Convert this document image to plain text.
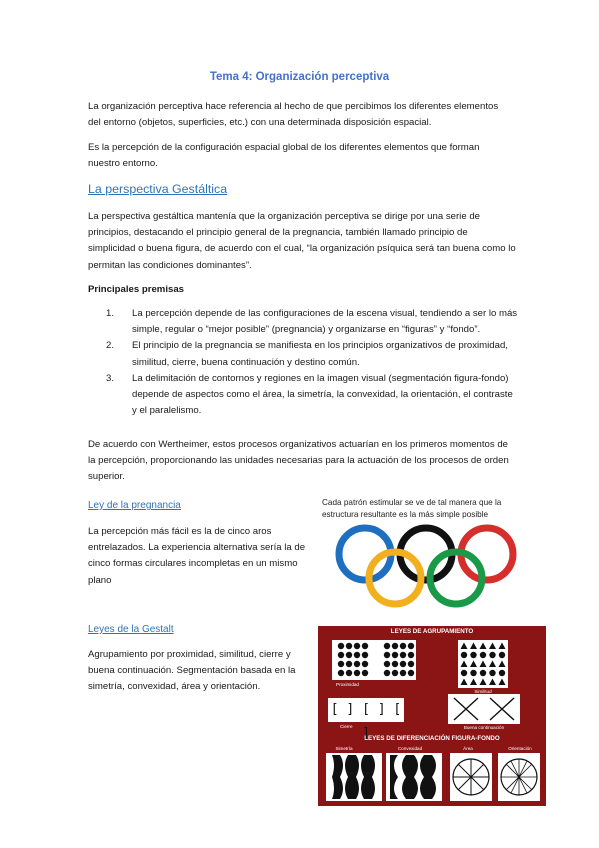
Tema 4: Organización perceptiva
La organización perceptiva hace referencia al hecho de que percibimos los diferentes elementos del entorno (objetos, superficies, etc.) con una determinada disposición espacial.
Es la percepción de la configuración espacial global de los diferentes elementos que forman nuestro entorno.
La perspectiva Gestáltica
La perspectiva gestáltica mantenía que la organización perceptiva se dirige por una serie de principios, destacando el principio general de la pregnancia, también llamado principio de simplicidad o buena figura, de acuerdo con el cual, “la organización psíquica será tan buena como lo permitan las condiciones dominantes”.
Principales premisas
1. La percepción depende de las configuraciones de la escena visual, tendiendo a ser lo más simple, regular o “mejor posible” (pregnancia) y organizarse en “figuras” y “fondo”.
2. El principio de la pregnancia se manifiesta en los principios organizativos de proximidad, similitud, cierre, buena continuación y destino común.
3. La delimitación de contornos y regiones en la imagen visual (segmentación figura-fondo) depende de aspectos como el área, la simetría, la convexidad, la orientación, el contraste y el paralelismo.
De acuerdo con Wertheimer, estos procesos organizativos actuarían en los primeros momentos de la percepción, proporcionando las unidades necesarias para la actuación de los procesos de orden superior.
Ley de la pregnancia
La percepción más fácil es la de cinco aros entrelazados. La experiencia alternativa sería la de cinco formas circulares incompletas en un mismo plano
Cada patrón estimular se ve de tal manera que la estructura resultante es la más simple posible
Leyes de la Gestalt
Agrupamiento por proximidad, similitud, cierre y buena continuación. Segmentación basada en la simetría, convexidad, área y orientación.
LEYES DE AGRUPAMIENTO
Proximidad
Similitud
[ ] [ ] [ ]
Cierre	Buena continuación
LEYES DE DIFERENCIACIÓN FIGURA-FONDO
Simetría	Convexidad	Área	Orientación
